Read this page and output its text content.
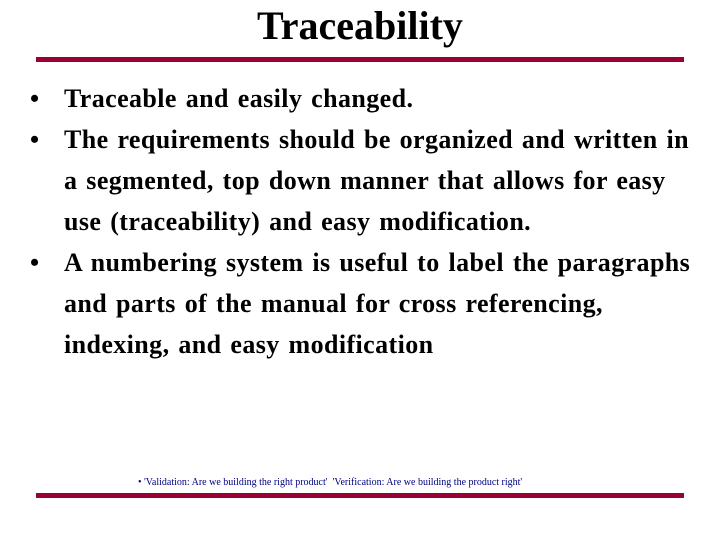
Traceability
• Traceable and easily changed.
• The requirements should be organized and written in a segmented, top down manner that allows for easy use (traceability) and easy modification.
• A numbering system is useful to label the paragraphs and parts of the manual for cross referencing, indexing, and easy modification
• 'Validation: Are we building the right product'  'Verification: Are we building the product right'
